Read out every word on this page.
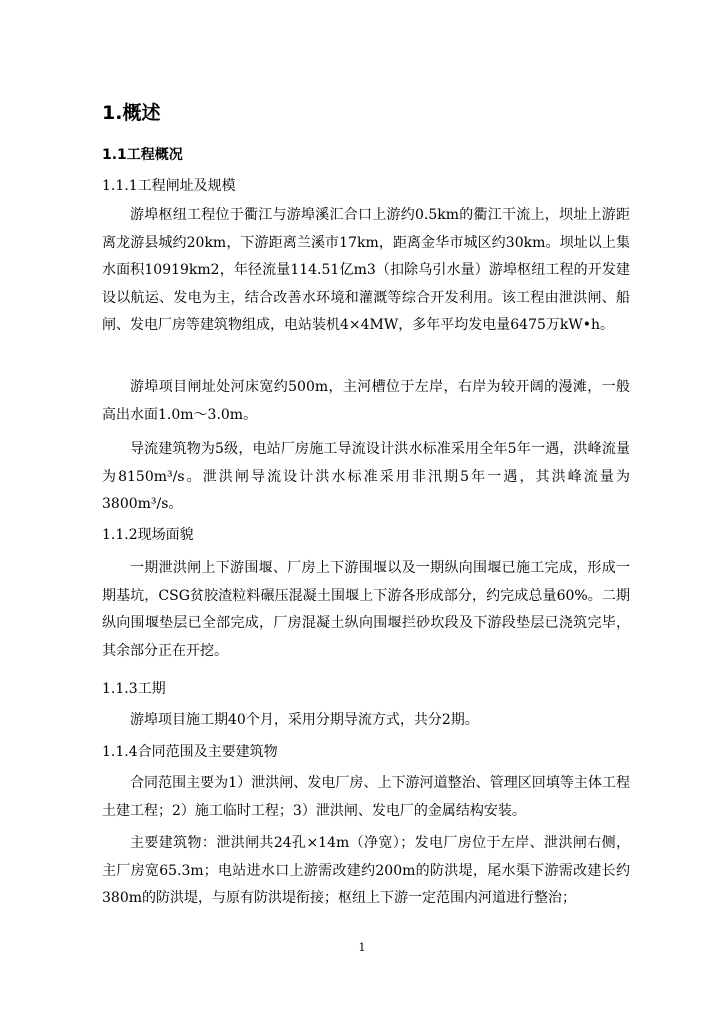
1.概述
1.1工程概况
1.1.1工程闸址及规模

游埠枢纽工程位于衢江与游埠溪汇合口上游约0.5km的衢江干流上，坝址上游距离龙游县城约20km，下游距离兰溪市17km，距离金华市城区约30km。坝址以上集水面积10919km2，年径流量114.51亿m3（扣除乌引水量）游埠枢纽工程的开发建设以航运、发电为主，结合改善水环境和灌溉等综合开发利用。该工程由泄洪闸、船闸、发电厂房等建筑物组成，电站装机4×4MW，多年平均发电量6475万kW•h。

游埠项目闸址处河床宽约500m，主河槽位于左岸，右岸为较开阔的漫滩，一般高出水面1.0m～3.0m。

导流建筑物为5级，电站厂房施工导流设计洪水标准采用全年5年一遇，洪峰流量为8150m³/s。泄洪闸导流设计洪水标准采用非汛期5年一遇，其洪峰流量为3800m³/s。

1.1.2现场面貌

一期泄洪闸上下游围堰、厂房上下游围堰以及一期纵向围堰已施工完成，形成一期基坑，CSG贫胶渣粒料碾压混凝土围堰上下游各形成部分，约完成总量60%。二期纵向围堰垫层已全部完成，厂房混凝土纵向围堰拦砂坎段及下游段垫层已浇筑完毕，其余部分正在开挖。

1.1.3工期

游埠项目施工期40个月，采用分期导流方式，共分2期。

1.1.4合同范围及主要建筑物

合同范围主要为1）泄洪闸、发电厂房、上下游河道整治、管理区回填等主体工程土建工程；2）施工临时工程；3）泄洪闸、发电厂的金属结构安装。

主要建筑物：泄洪闸共24孔×14m（净宽）；发电厂房位于左岸、泄洪闸右侧，主厂房宽65.3m；电站进水口上游需改建约200m的防洪堤，尾水渠下游需改建长约380m的防洪堤，与原有防洪堤衔接；枢纽上下游一定范围内河道进行整治；

1
